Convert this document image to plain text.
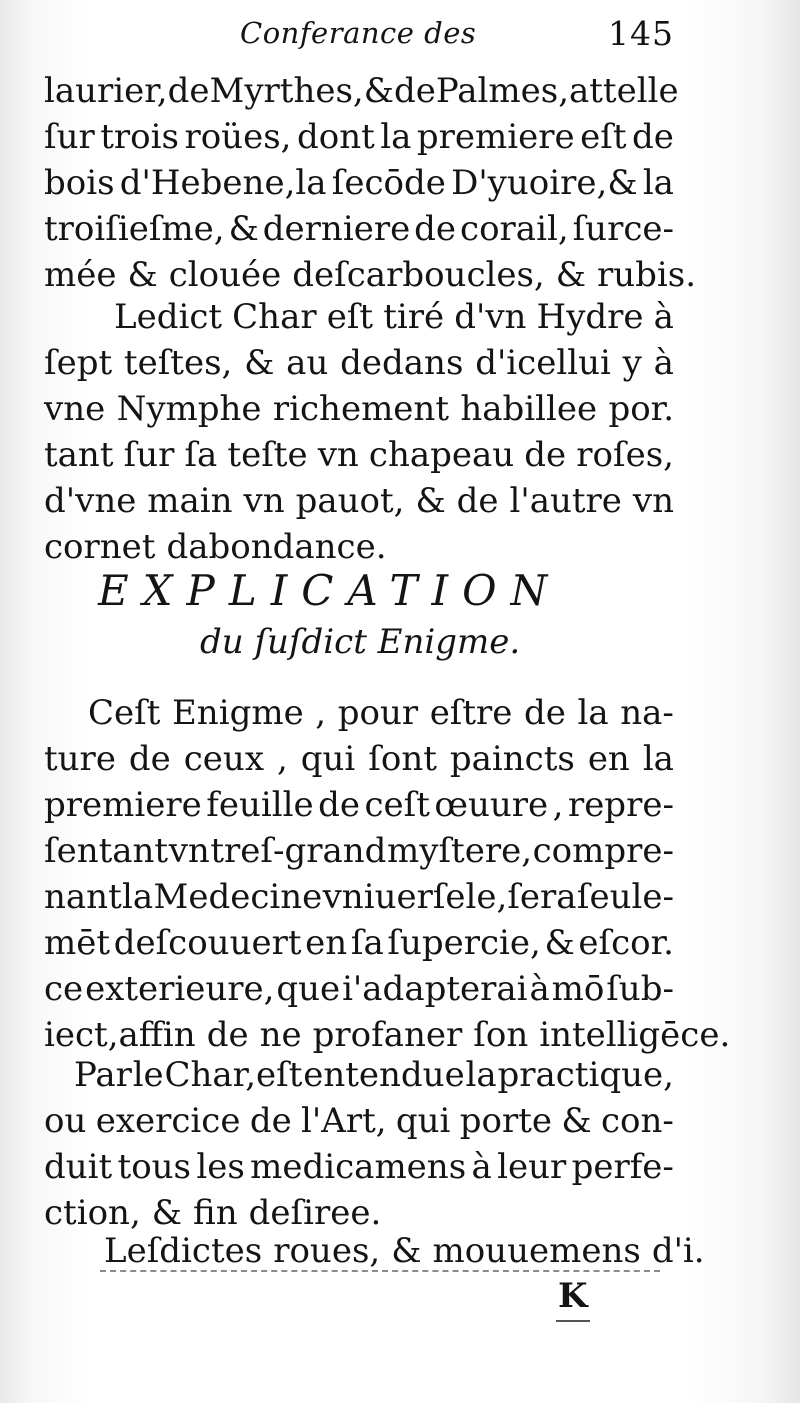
Conferance des	145
laurier,de Myrthes,& de Palmes,attelle
ſur trois roües, dont la premiere eſt de
bois d'Hebene,la ſecōde D'yuoire,& la
troiſieſme, & derniere de corail, ſurce-
mée & clouée deſcarboucles, & rubis.
Ledict Char eſt tiré d'vn Hydre à
ſept teſtes, & au dedans d'icellui y à
vne Nymphe richement habillee por.
tant ſur ſa teſte vn chapeau de roſes,
d'vne main vn pauot, & de l'autre vn
cornet dabondance.
Ceſt Enigme , pour eſtre de la na-
ture de ceux , qui ſont paincts en la
premiere feuille de ceſt œuure , repre-
ſentant vn treſ-grand myſtere, compre-
nant la Medecine vniuerſele,ſera ſeule-
mēt deſcouuert en ſa ſupercie, & eſcor.
ce exterieure, que i'adapterai à mō ſub-
iect,affin de ne profaner ſon intelligēce.
Par le Char,eſt entendue la practique,
ou exercice de l'Art, qui porte & con-
duit tous les medicamens à leur perfe-
ction, & fin deſiree.
Leſdictes roues, & mouuemens d'i.
EXPLICATION
du ſuſdict Enigme.
K
